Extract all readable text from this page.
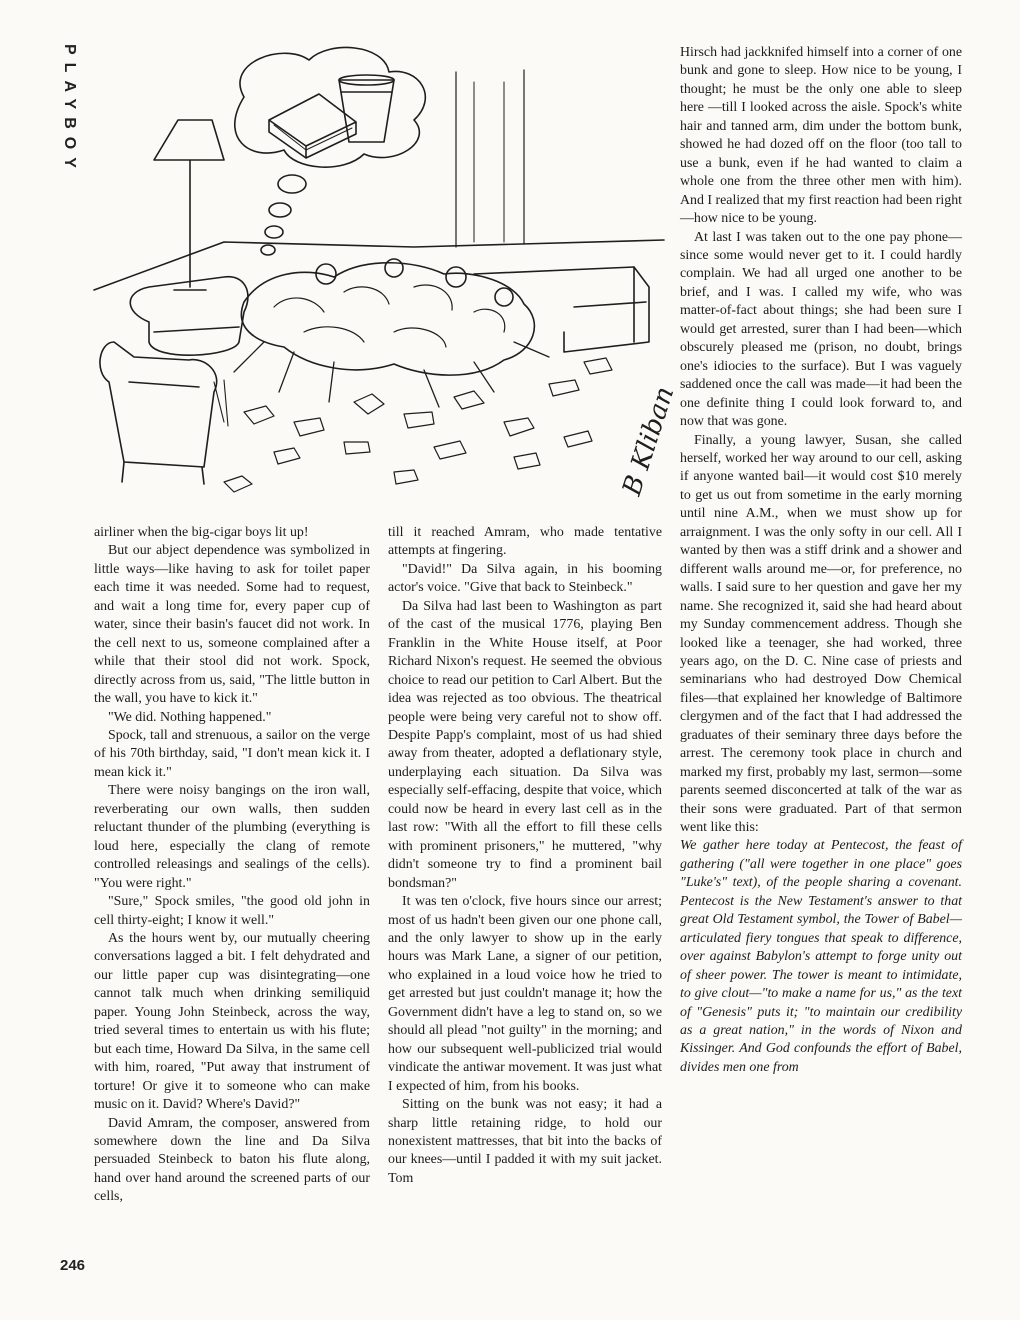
PLAYBOY
246
B Kliban

airliner when the big-cigar boys lit up!

But our abject dependence was symbolized in little ways—like having to ask for toilet paper each time it was needed. Some had to request, and wait a long time for, every paper cup of water, since their basin's faucet did not work. In the cell next to us, someone complained after a while that their stool did not work. Spock, directly across from us, said, "The little button in the wall, you have to kick it."

"We did. Nothing happened."

Spock, tall and strenuous, a sailor on the verge of his 70th birthday, said, "I don't mean kick it. I mean kick it."

There were noisy bangings on the iron wall, reverberating our own walls, then sudden reluctant thunder of the plumbing (everything is loud here, especially the clang of remote controlled releasings and sealings of the cells). "You were right."

"Sure," Spock smiles, "the good old john in cell thirty-eight; I know it well."

As the hours went by, our mutually cheering conversations lagged a bit. I felt dehydrated and our little paper cup was disintegrating—one cannot talk much when drinking semiliquid paper. Young John Steinbeck, across the way, tried several times to entertain us with his flute; but each time, Howard Da Silva, in the same cell with him, roared, "Put away that instrument of torture! Or give it to someone who can make music on it. David? Where's David?"

David Amram, the composer, answered from somewhere down the line and Da Silva persuaded Steinbeck to baton his flute along, hand over hand around the screened parts of our cells,

till it reached Amram, who made tentative attempts at fingering.

"David!" Da Silva again, in his booming actor's voice. "Give that back to Steinbeck."

Da Silva had last been to Washington as part of the cast of the musical 1776, playing Ben Franklin in the White House itself, at Poor Richard Nixon's request. He seemed the obvious choice to read our petition to Carl Albert. But the idea was rejected as too obvious. The theatrical people were being very careful not to show off. Despite Papp's complaint, most of us had shied away from theater, adopted a deflationary style, underplaying each situation. Da Silva was especially self-effacing, despite that voice, which could now be heard in every last cell as in the last row: "With all the effort to fill these cells with prominent prisoners," he muttered, "why didn't someone try to find a prominent bail bondsman?"

It was ten o'clock, five hours since our arrest; most of us hadn't been given our one phone call, and the only lawyer to show up in the early hours was Mark Lane, a signer of our petition, who explained in a loud voice how he tried to get arrested but just couldn't manage it; how the Government didn't have a leg to stand on, so we should all plead "not guilty" in the morning; and how our subsequent well-publicized trial would vindicate the antiwar movement. It was just what I expected of him, from his books.

Sitting on the bunk was not easy; it had a sharp little retaining ridge, to hold our nonexistent mattresses, that bit into the backs of our knees—until I padded it with my suit jacket. Tom

Hirsch had jackknifed himself into a corner of one bunk and gone to sleep. How nice to be young, I thought; he must be the only one able to sleep here —till I looked across the aisle. Spock's white hair and tanned arm, dim under the bottom bunk, showed he had dozed off on the floor (too tall to use a bunk, even if he had wanted to claim a whole one from the three other men with him). And I realized that my first reaction had been right—how nice to be young.

At last I was taken out to the one pay phone—since some would never get to it. I could hardly complain. We had all urged one another to be brief, and I was. I called my wife, who was matter-of-fact about things; she had been sure I would get arrested, surer than I had been—which obscurely pleased me (prison, no doubt, brings one's idiocies to the surface). But I was vaguely saddened once the call was made—it had been the one definite thing I could look forward to, and now that was gone.

Finally, a young lawyer, Susan, she called herself, worked her way around to our cell, asking if anyone wanted bail—it would cost $10 merely to get us out from sometime in the early morning until nine A.M., when we must show up for arraignment. I was the only softy in our cell. All I wanted by then was a stiff drink and a shower and different walls around me—or, for preference, no walls. I said sure to her question and gave her my name. She recognized it, said she had heard about my Sunday commencement address. Though she looked like a teenager, she had worked, three years ago, on the D. C. Nine case of priests and seminarians who had destroyed Dow Chemical files—that explained her knowledge of Baltimore clergymen and of the fact that I had addressed the graduates of their seminary three days before the arrest. The ceremony took place in church and marked my first, probably my last, sermon—some parents seemed disconcerted at talk of the war as their sons were graduated. Part of that sermon went like this:

We gather here today at Pentecost, the feast of gathering ("all were together in one place" goes "Luke's" text), of the people sharing a covenant. Pentecost is the New Testament's answer to that great Old Testament symbol, the Tower of Babel—articulated fiery tongues that speak to difference, over against Babylon's attempt to forge unity out of sheer power. The tower is meant to intimidate, to give clout—"to make a name for us," as the text of "Genesis" puts it; "to maintain our credibility as a great nation," in the words of Nixon and Kissinger. And God confounds the effort of Babel, divides men one from
